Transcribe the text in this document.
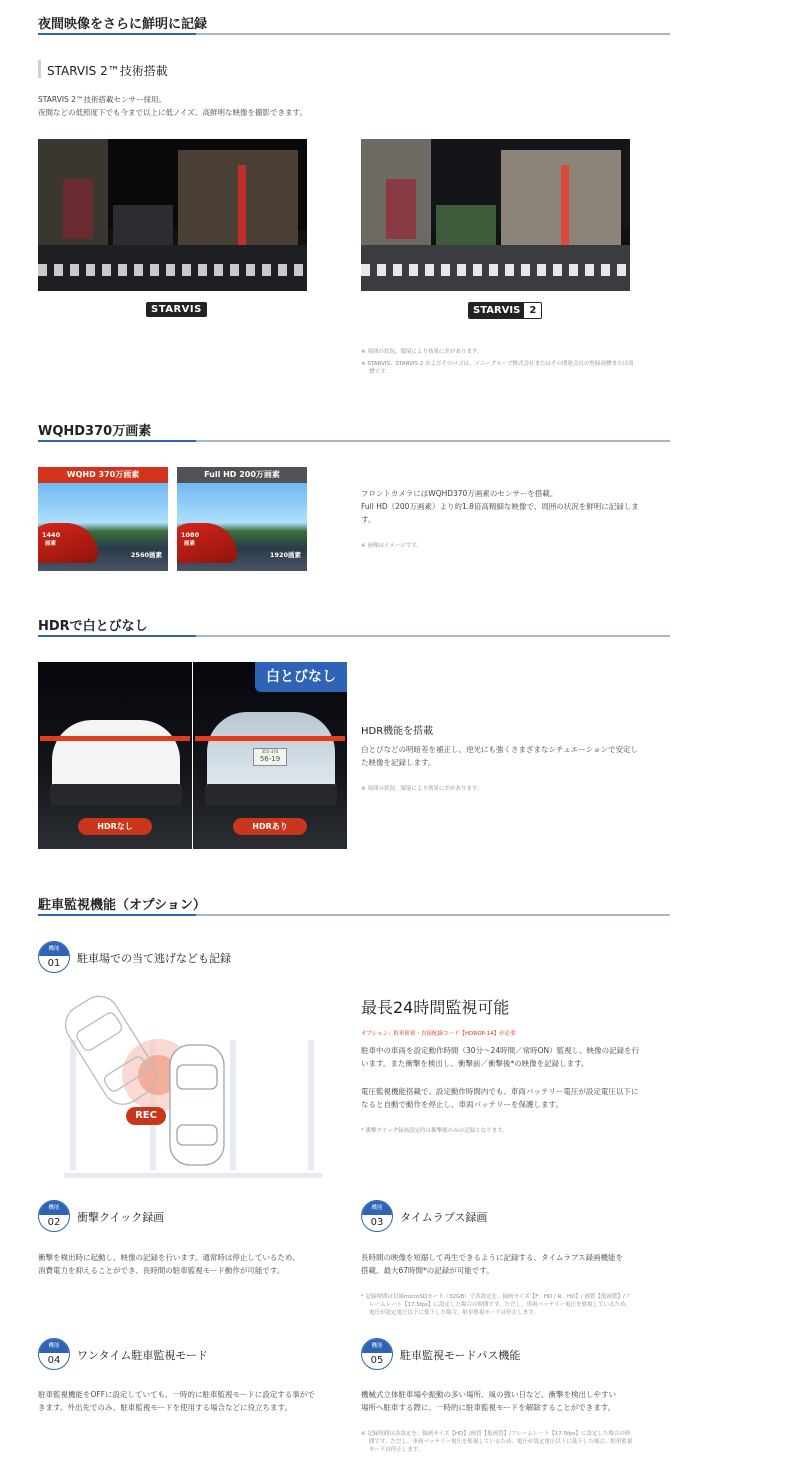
夜間映像をさらに鮮明に記録
STARVIS 2™技術搭載
STARVIS 2™技術搭載センサー採用。
夜間などの低照度下でも今まで以上に低ノイズ、高鮮明な映像を撮影できます。
STARVIS	STARVIS 2
※ 周囲の状況、環境により効果に差があります。
※ STARVIS、STARVIS 2 およびそのロゴは、ソニーグループ株式会社またはその関連会社の登録商標または商
標です。
WQHD370万画素
WQHD 370万画素
1440
画素
2560画素
Full HD 200万画素
1080
画素
1920画素
フロントカメラにはWQHD370万画素のセンサーを搭載。
Full HD（200万画素）より約1.8倍高精細な映像で、周囲の状況を鮮明に記録しま
す。
※ 画像はイメージです。
HDRで白とびなし
HDRなし
355-370
56-19
白とびなし
HDRあり
HDR機能を搭載
白とびなどの明暗差を補正し、逆光にも強くさまざまなシチュエーションで安定し
た映像を記録します。
※ 周囲の状況、環境により効果に差があります。
駐車監視機能（オプション）
機能
01	駐車場での当て逃げなども記録
REC
最長24時間監視可能
オプション：駐車監視・直接配線コード【HDROP-14】が必要
駐車中の車両を設定動作時間（30分〜24時間／常時ON）監視し、映像の記録を行
います。また衝撃を検出し、衝撃前／衝撃後*の映像を記録します。
電圧監視機能搭載で、設定動作時間内でも、車両バッテリー電圧が設定電圧以下に
なると自動で動作を停止し、車両バッテリーを保護します。
* 衝撃クイック録画設定時は衝撃後のみの記録となります。
機能
02	衝撃クイック録画
衝撃を検出時に起動し、映像の記録を行います。通常時は停止しているため、
消費電力を抑えることができ、長時間の駐車監視モード動作が可能です。
機能
03	タイムラプス録画
長時間の映像を短縮して再生できるように記録する、タイムラプス録画機能を
搭載。最大67時間*の記録が可能です。
* 記録時間は付属microSDカード（32GB）で各設定を、録画サイズ【F：HD / R：HD】/ 画質【低画質】/フ
レームレート【17.5fps】に設定した場合の時間です。ただし、車両バッテリー電圧を監視しているため、
電圧が設定電圧以下に低下した場合、駐車監視モードは停止します。
機能
04	ワンタイム駐車監視モード
駐車監視機能をOFFに設定していても、一時的に駐車監視モードに設定する事がで
きます。外出先でのみ、駐車監視モードを使用する場合などに役立ちます。
機能
05	駐車監視モードパス機能
機械式立体駐車場や振動の多い場所、風の強い日など、衝撃を検出しやすい
場所へ駐車する際に、一時的に駐車監視モードを解除することができます。
※ 記録時間は各設定を、録画サイズ【HD】/画質【低画質】/フレームレート【17.5fps】に設定した場合の時
間です。ただし、車両バッテリー電圧を監視しているため、電圧が設定電圧以下に低下した場合、駐車監視
モードは停止します。
